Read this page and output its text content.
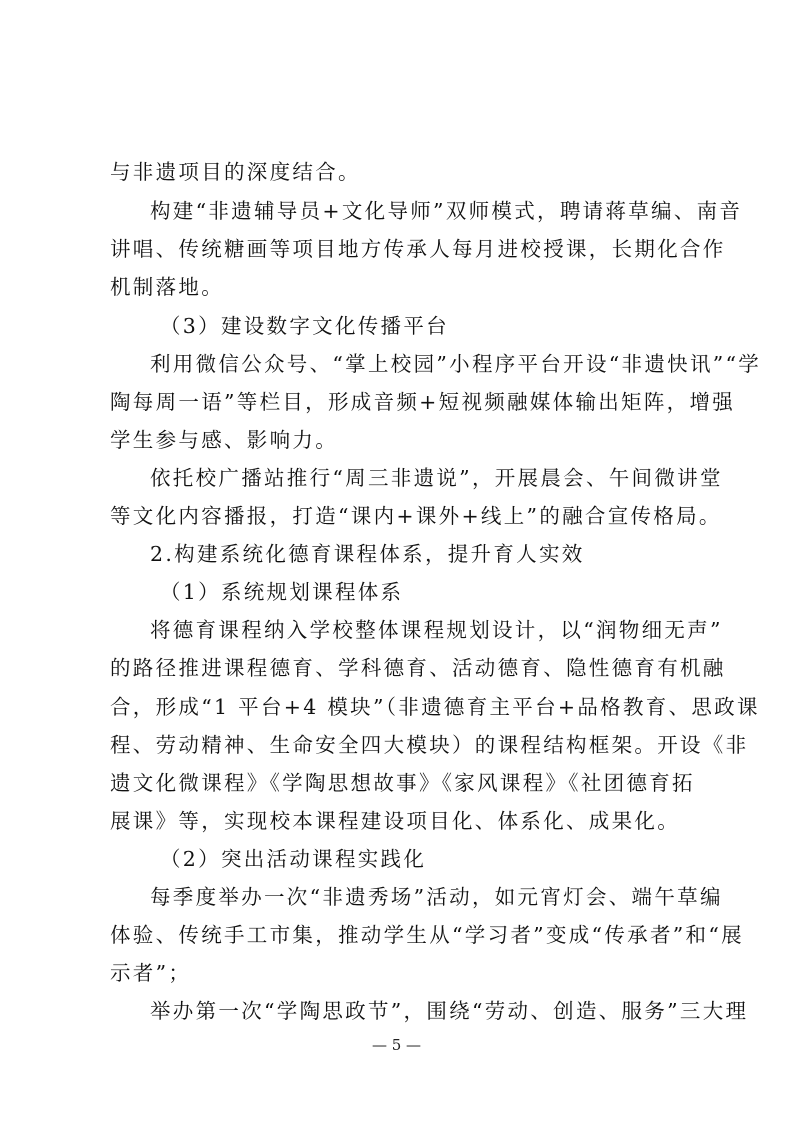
与非遗项目的深度结合。
构建“非遗辅导员+文化导师”双师模式，聘请蒋草编、南音
讲唱、传统糖画等项目地方传承人每月进校授课，长期化合作
机制落地。
（3）建设数字文化传播平台
利用微信公众号、“掌上校园”小程序平台开设“非遗快讯”“学
陶每周一语”等栏目，形成音频+短视频融媒体输出矩阵，增强
学生参与感、影响力。
依托校广播站推行“周三非遗说”，开展晨会、午间微讲堂
等文化内容播报，打造“课内+课外+线上”的融合宣传格局。
2.构建系统化德育课程体系，提升育人实效
（1）系统规划课程体系
将德育课程纳入学校整体课程规划设计，以“润物细无声”
的路径推进课程德育、学科德育、活动德育、隐性德育有机融
合，形成“1 平台+4 模块”（非遗德育主平台+品格教育、思政课
程、劳动精神、生命安全四大模块）的课程结构框架。开设《非
遗文化微课程》《学陶思想故事》《家风课程》《社团德育拓
展课》等，实现校本课程建设项目化、体系化、成果化。
（2）突出活动课程实践化
每季度举办一次“非遗秀场”活动，如元宵灯会、端午草编
体验、传统手工市集，推动学生从“学习者”变成“传承者”和“展
示者”；
举办第一次“学陶思政节”，围绕“劳动、创造、服务”三大理
— 5 —
